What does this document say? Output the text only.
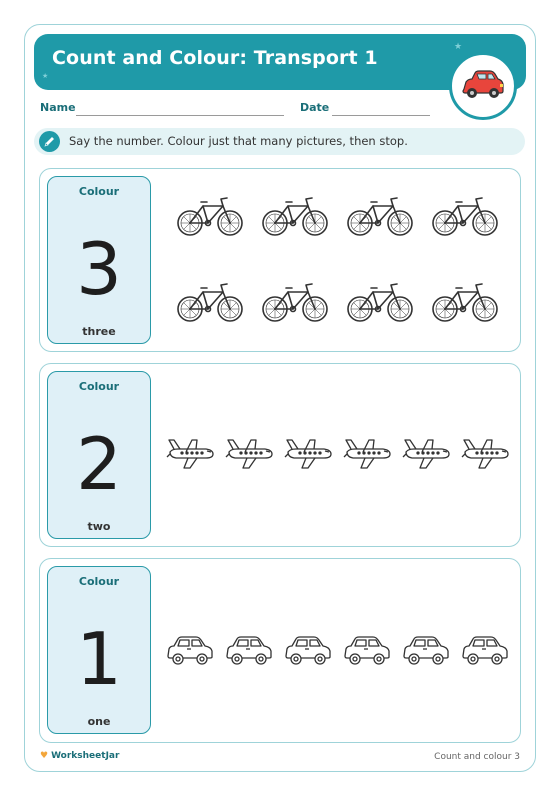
Count and Colour: Transport 1	★
★
Name	Date
Say the number. Colour just that many pictures, then stop.
Colour
3
three
Colour
2
two
Colour
1
one
♥ WorksheetJar	Count and colour 3
